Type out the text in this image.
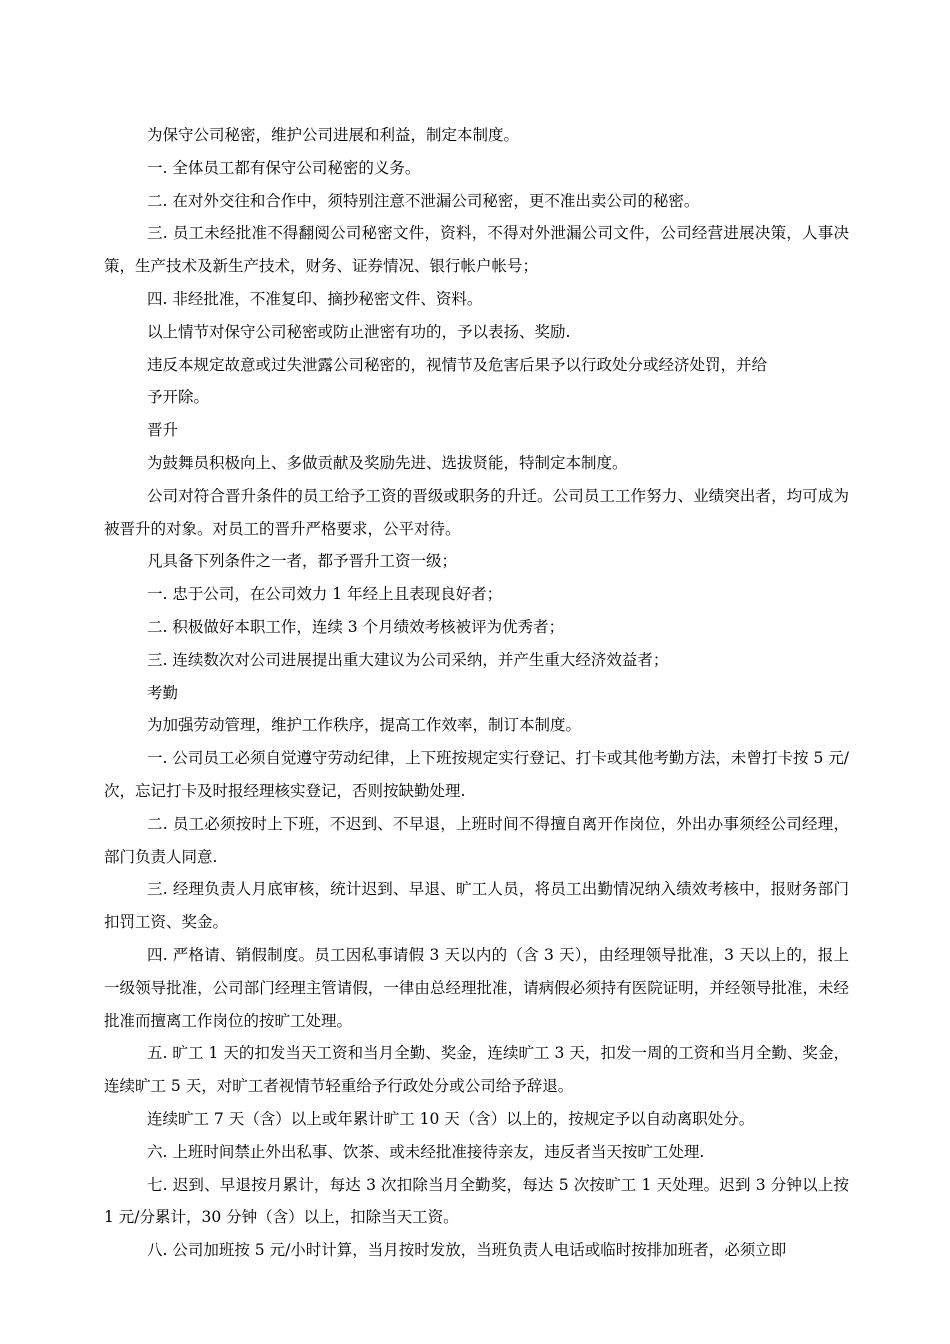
为保守公司秘密，维护公司进展和利益，制定本制度。

一. 全体员工都有保守公司秘密的义务。

二. 在对外交往和合作中，须特别注意不泄漏公司秘密，更不准出卖公司的秘密。

三. 员工未经批准不得翻阅公司秘密文件，资料，不得对外泄漏公司文件，公司经营进展决策，人事决策，生产技术及新生产技术，财务、证券情况、银行帐户帐号；

四. 非经批准，不准复印、摘抄秘密文件、资料。

以上情节对保守公司秘密或防止泄密有功的，予以表扬、奖励.

违反本规定故意或过失泄露公司秘密的，视情节及危害后果予以行政处分或经济处罚，并给

予开除。

晋升

为鼓舞员积极向上、多做贡献及奖励先进、选拔贤能，特制定本制度。

公司对符合晋升条件的员工给予工资的晋级或职务的升迁。公司员工工作努力、业绩突出者，均可成为被晋升的对象。对员工的晋升严格要求，公平对待。

凡具备下列条件之一者，都予晋升工资一级；

一. 忠于公司，在公司效力 1 年经上且表现良好者；

二. 积极做好本职工作，连续 3 个月绩效考核被评为优秀者；

三. 连续数次对公司进展提出重大建议为公司采纳，并产生重大经济效益者；

考勤

为加强劳动管理，维护工作秩序，提高工作效率，制订本制度。

一. 公司员工必须自觉遵守劳动纪律，上下班按规定实行登记、打卡或其他考勤方法，未曾打卡按 5 元/次，忘记打卡及时报经理核实登记，否则按缺勤处理.

二. 员工必须按时上下班，不迟到、不早退，上班时间不得擅自离开作岗位，外出办事须经公司经理，部门负责人同意.

三. 经理负责人月底审核，统计迟到、早退、旷工人员，将员工出勤情况纳入绩效考核中，报财务部门扣罚工资、奖金。

四. 严格请、销假制度。员工因私事请假 3 天以内的（含 3 天），由经理领导批准，3 天以上的，报上一级领导批准，公司部门经理主管请假，一律由总经理批准，请病假必须持有医院证明，并经领导批准，未经批准而擅离工作岗位的按旷工处理。

五. 旷工 1 天的扣发当天工资和当月全勤、奖金，连续旷工 3 天，扣发一周的工资和当月全勤、奖金，连续旷工 5 天，对旷工者视情节轻重给予行政处分或公司给予辞退。

连续旷工 7 天（含）以上或年累计旷工 10 天（含）以上的，按规定予以自动离职处分。

六. 上班时间禁止外出私事、饮茶、或未经批准接待亲友，违反者当天按旷工处理.

七. 迟到、早退按月累计，每达 3 次扣除当月全勤奖，每达 5 次按旷工 1 天处理。迟到 3 分钟以上按 1 元/分累计，30 分钟（含）以上，扣除当天工资。

八. 公司加班按 5 元/小时计算，当月按时发放，当班负责人电话或临时按排加班者，必须立即
